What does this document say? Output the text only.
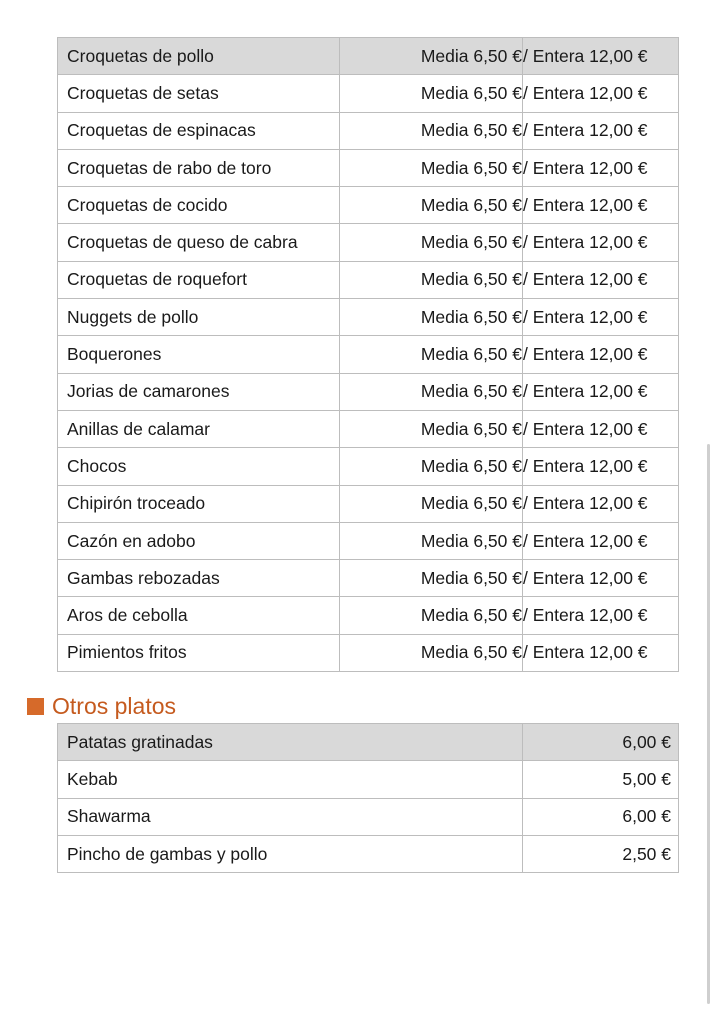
Croquetas de pollo	Media 6,50 €	/ Entera 12,00 €
Croquetas de setas	Media 6,50 €	/ Entera 12,00 €
Croquetas de espinacas	Media 6,50 €	/ Entera 12,00 €
Croquetas de rabo de toro	Media 6,50 €	/ Entera 12,00 €
Croquetas de cocido	Media 6,50 €	/ Entera 12,00 €
Croquetas de queso de cabra	Media 6,50 €	/ Entera 12,00 €
Croquetas de roquefort	Media 6,50 €	/ Entera 12,00 €
Nuggets de pollo	Media 6,50 €	/ Entera 12,00 €
Boquerones	Media 6,50 €	/ Entera 12,00 €
Jorias de camarones	Media 6,50 €	/ Entera 12,00 €
Anillas de calamar	Media 6,50 €	/ Entera 12,00 €
Chocos	Media 6,50 €	/ Entera 12,00 €
Chipirón troceado	Media 6,50 €	/ Entera 12,00 €
Cazón en adobo	Media 6,50 €	/ Entera 12,00 €
Gambas rebozadas	Media 6,50 €	/ Entera 12,00 €
Aros de cebolla	Media 6,50 €	/ Entera 12,00 €
Pimientos fritos	Media 6,50 €	/ Entera 12,00 €
Otros platos
Patatas gratinadas	6,00 €
Kebab	5,00 €
Shawarma	6,00 €
Pincho de gambas y pollo	2,50 €
